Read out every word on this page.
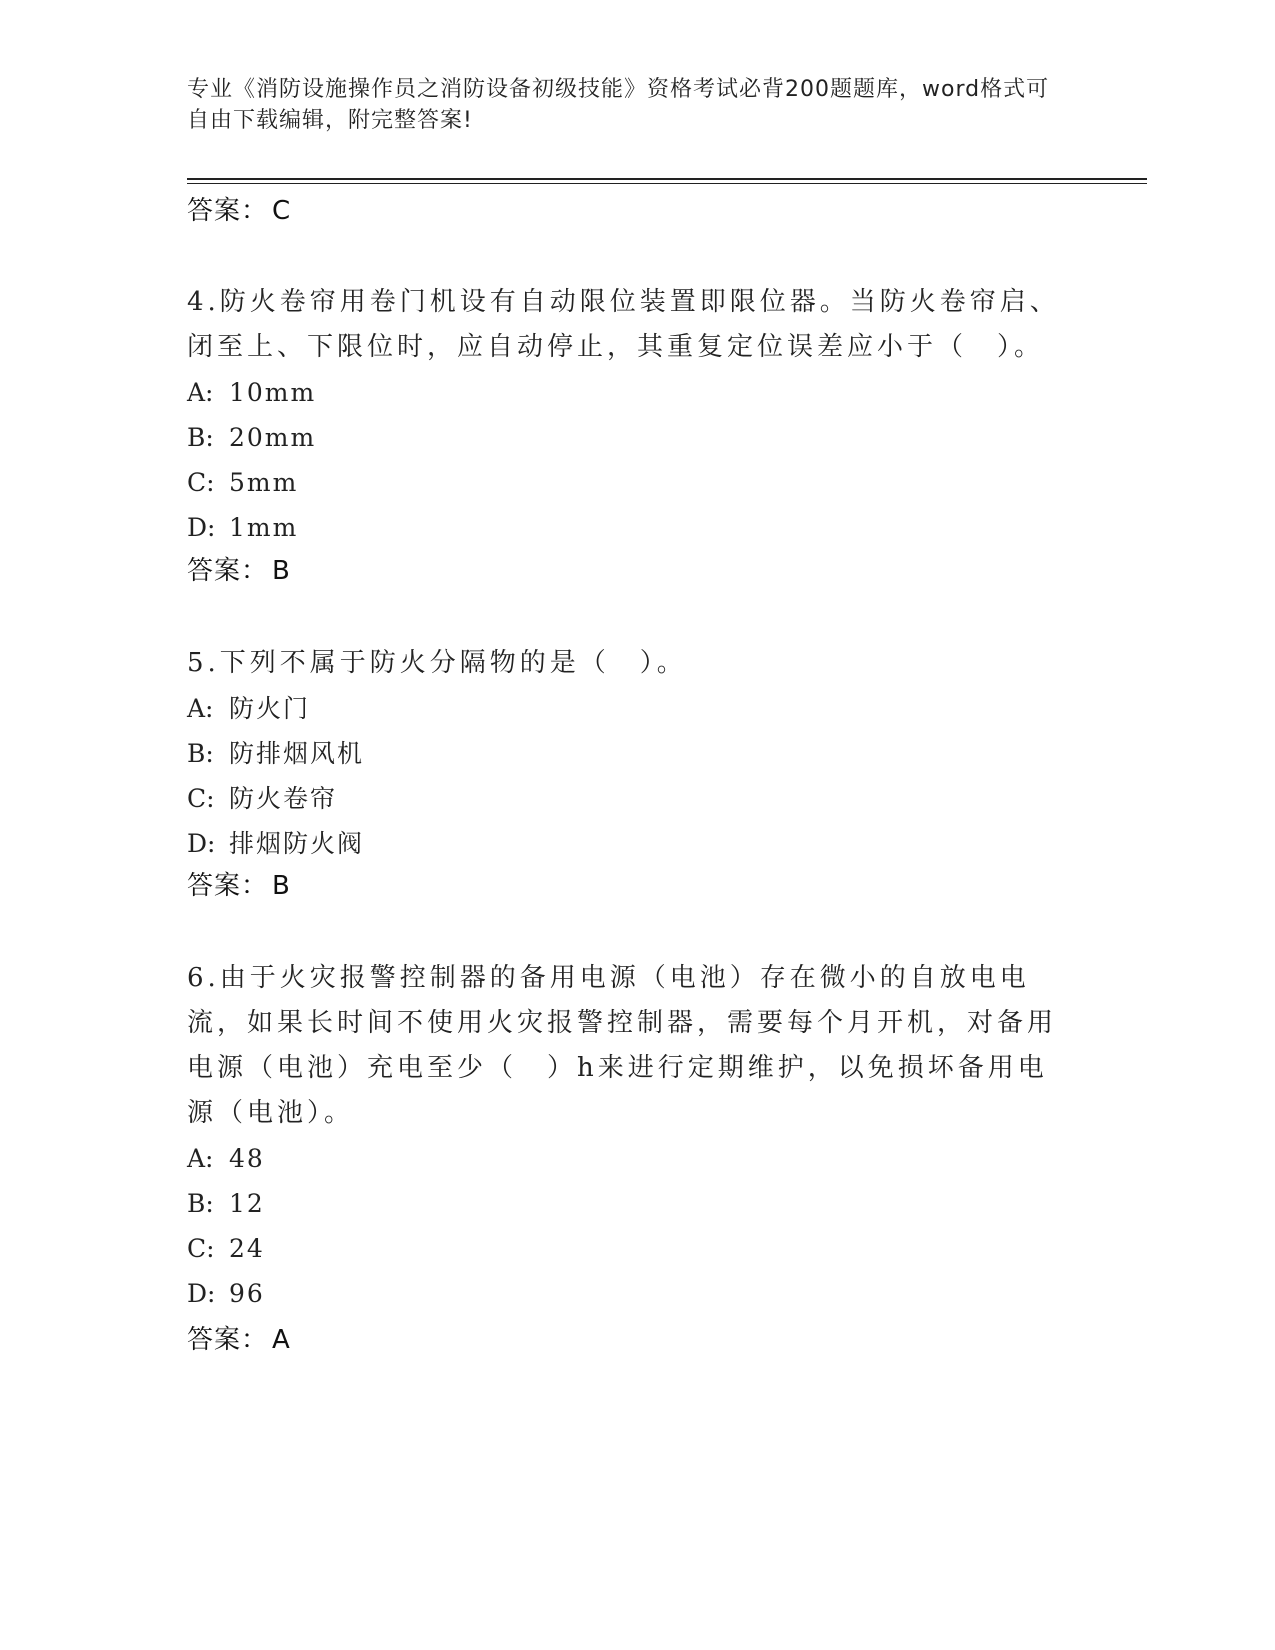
专业《消防设施操作员之消防设备初级技能》资格考试必背200题题库，word格式可自由下载编辑，附完整答案!
答案： C
4.防火卷帘用卷门机设有自动限位装置即限位器。当防火卷帘启、闭至上、下限位时，应自动停止，其重复定位误差应小于（　）。
A: 10mm
B: 20mm
C: 5mm
D: 1mm
答案： B
5.下列不属于防火分隔物的是（　）。
A: 防火门
B: 防排烟风机
C: 防火卷帘
D: 排烟防火阀
答案： B
6.由于火灾报警控制器的备用电源（电池）存在微小的自放电电流，如果长时间不使用火灾报警控制器，需要每个月开机，对备用电源（电池）充电至少（　）h来进行定期维护，以免损坏备用电源（电池）。
A: 48
B: 12
C: 24
D: 96
答案： A
